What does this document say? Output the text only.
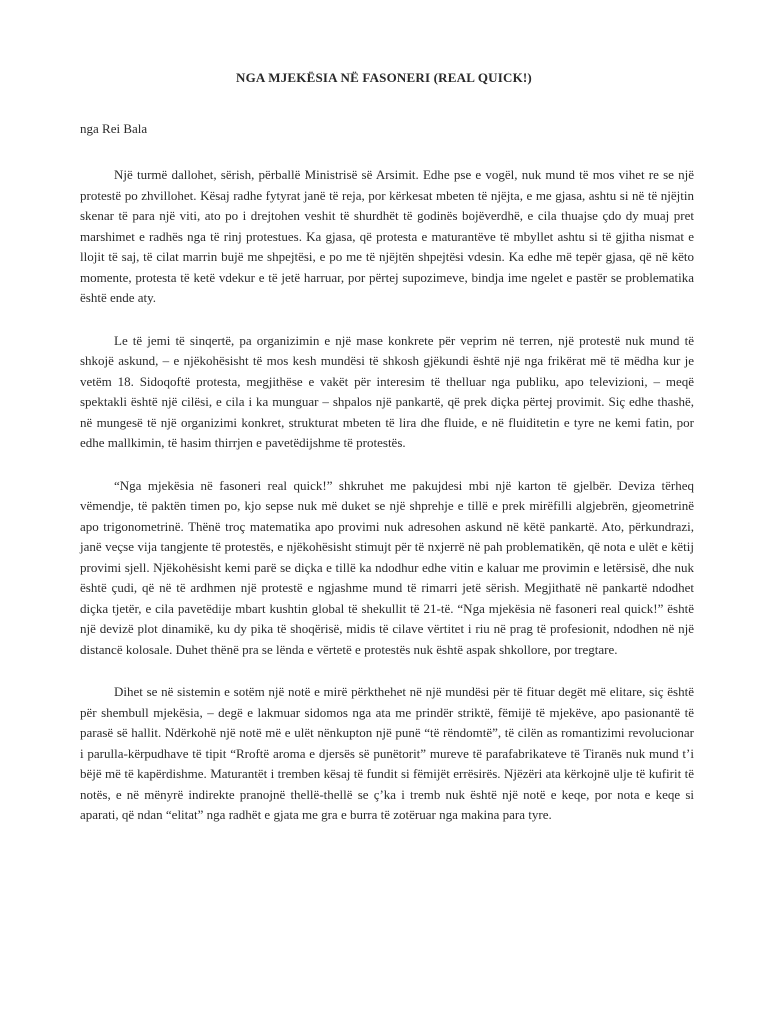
NGA MJEKËSIA NË FASONERI (REAL QUICK!)
nga Rei Bala

Një turmë dallohet, sërish, përballë Ministrisë së Arsimit. Edhe pse e vogël, nuk mund të mos vihet re se një protestë po zhvillohet. Kësaj radhe fytyrat janë të reja, por kërkesat mbeten të njëjta, e me gjasa, ashtu si në të njëjtin skenar të para një viti, ato po i drejtohen veshit të shurdhët të godinës bojëverdhë, e cila thuajse çdo dy muaj pret marshimet e radhës nga të rinj protestues. Ka gjasa, që protesta e maturantëve të mbyllet ashtu si të gjitha nismat e llojit të saj, të cilat marrin bujë me shpejtësi, e po me të njëjtën shpejtësi vdesin. Ka edhe më tepër gjasa, që në këto momente, protesta të ketë vdekur e të jetë harruar, por përtej supozimeve, bindja ime ngelet e pastër se problematika është ende aty.

Le të jemi të sinqertë, pa organizimin e një mase konkrete për veprim në terren, një protestë nuk mund të shkojë askund, – e njëkohësisht të mos kesh mundësi të shkosh gjëkundi është një nga frikërat më të mëdha kur je vetëm 18. Sidoqoftë protesta, megjithëse e vakët për interesim të thelluar nga publiku, apo televizioni, – meqë spektakli është një cilësi, e cila i ka munguar – shpalos një pankartë, që prek diçka përtej provimit. Siç edhe thashë, në mungesë të një organizimi konkret, strukturat mbeten të lira dhe fluide, e në fluiditetin e tyre ne kemi fatin, por edhe mallkimin, të hasim thirrjen e pavetëdijshme të protestës.

“Nga mjekësia në fasoneri real quick!” shkruhet me pakujdesi mbi një karton të gjelbër. Deviza tërheq vëmendje, të paktën timen po, kjo sepse nuk më duket se një shprehje e tillë e prek mirëfilli algjebrën, gjeometrinë apo trigonometrinë. Thënë troç matematika apo provimi nuk adresohen askund në këtë pankartë. Ato, përkundrazi, janë veçse vija tangjente të protestës, e njëkohësisht stimujt për të nxjerrë në pah problematikën, që nota e ulët e këtij provimi sjell. Njëkohësisht kemi parë se diçka e tillë ka ndodhur edhe vitin e kaluar me provimin e letërsisë, dhe nuk është çudi, që në të ardhmen një protestë e ngjashme mund të rimarri jetë sërish. Megjithatë në pankartë ndodhet diçka tjetër, e cila pavetëdije mbart kushtin global të shekullit të 21-të. “Nga mjekësia në fasoneri real quick!” është një devizë plot dinamikë, ku dy pika të shoqërisë, midis të cilave vërtitet i riu në prag të profesionit, ndodhen në një distancë kolosale. Duhet thënë pra se lënda e vërtetë e protestës nuk është aspak shkollore, por tregtare.

Dihet se në sistemin e sotëm një notë e mirë përkthehet në një mundësi për të fituar degët më elitare, siç është për shembull mjekësia, – degë e lakmuar sidomos nga ata me prindër striktë, fëmijë të mjekëve, apo pasionantë të parasë së hallit. Ndërkohë një notë më e ulët nënkupton një punë “të rëndomtë”, të cilën as romantizimi revolucionar i parulla-kërpudhave të tipit “Rroftë aroma e djersës së punëtorit” mureve të parafabrikateve të Tiranës nuk mund t’i bëjë më të kapërdishme. Maturantët i tremben kësaj të fundit si fëmijët errësirës. Njëzëri ata kërkojnë ulje të kufirit të notës, e në mënyrë indirekte pranojnë thellë-thellë se ç’ka i tremb nuk është një notë e keqe, por nota e keqe si aparati, që ndan “elitat” nga radhët e gjata me gra e burra të zotëruar nga makina para tyre.
